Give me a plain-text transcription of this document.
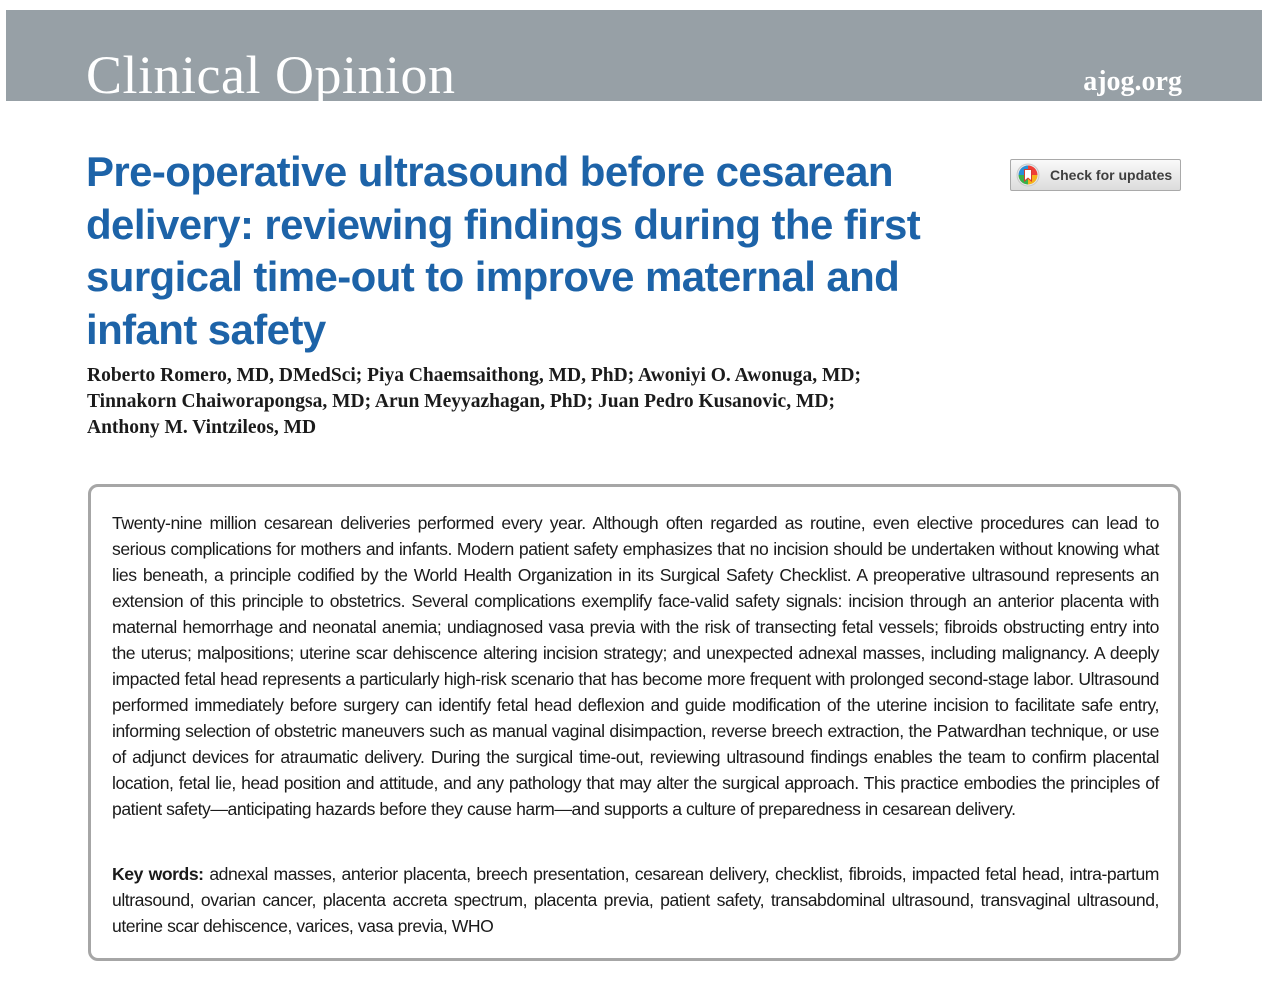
Clinical Opinion	ajog.org
Pre-operative ultrasound before cesarean
delivery: reviewing findings during the first
surgical time-out to improve maternal and
infant safety
Check for updates
Roberto Romero, MD, DMedSci; Piya Chaemsaithong, MD, PhD; Awoniyi O. Awonuga, MD;
Tinnakorn Chaiworapongsa, MD; Arun Meyyazhagan, PhD; Juan Pedro Kusanovic, MD;
Anthony M. Vintzileos, MD

Twenty-nine million cesarean deliveries performed every year. Although often regarded as routine, even elective procedures can lead to serious complications for mothers and infants. Modern patient safety emphasizes that no incision should be undertaken without knowing what lies beneath, a principle codified by the World Health Organization in its Surgical Safety Checklist. A preoperative ultrasound represents an extension of this principle to obstetrics. Several complications exemplify face-valid safety signals: incision through an anterior placenta with maternal hemorrhage and neonatal anemia; undiagnosed vasa previa with the risk of transecting fetal vessels; fibroids obstructing entry into the uterus; malpositions; uterine scar dehiscence altering incision strategy; and unexpected adnexal masses, including malignancy. A deeply impacted fetal head represents a particularly high-risk scenario that has become more frequent with prolonged second-stage labor. Ultrasound performed immediately before surgery can identify fetal head deflexion and guide modification of the uterine incision to facilitate safe entry, informing selection of obstetric maneuvers such as manual vaginal disimpaction, reverse breech extraction, the Patwardhan technique, or use of adjunct devices for atraumatic delivery. During the surgical time-out, reviewing ultrasound findings enables the team to confirm placental location, fetal lie, head position and attitude, and any pathology that may alter the surgical approach. This practice embodies the principles of patient safety—anticipating hazards before they cause harm—and supports a culture of preparedness in cesarean delivery.

Key words: adnexal masses, anterior placenta, breech presentation, cesarean delivery, checklist, fibroids, impacted fetal head, intra-partum ultrasound, ovarian cancer, placenta accreta spectrum, placenta previa, patient safety, transabdominal ultrasound, transvaginal ultrasound, uterine scar dehiscence, varices, vasa previa, WHO
